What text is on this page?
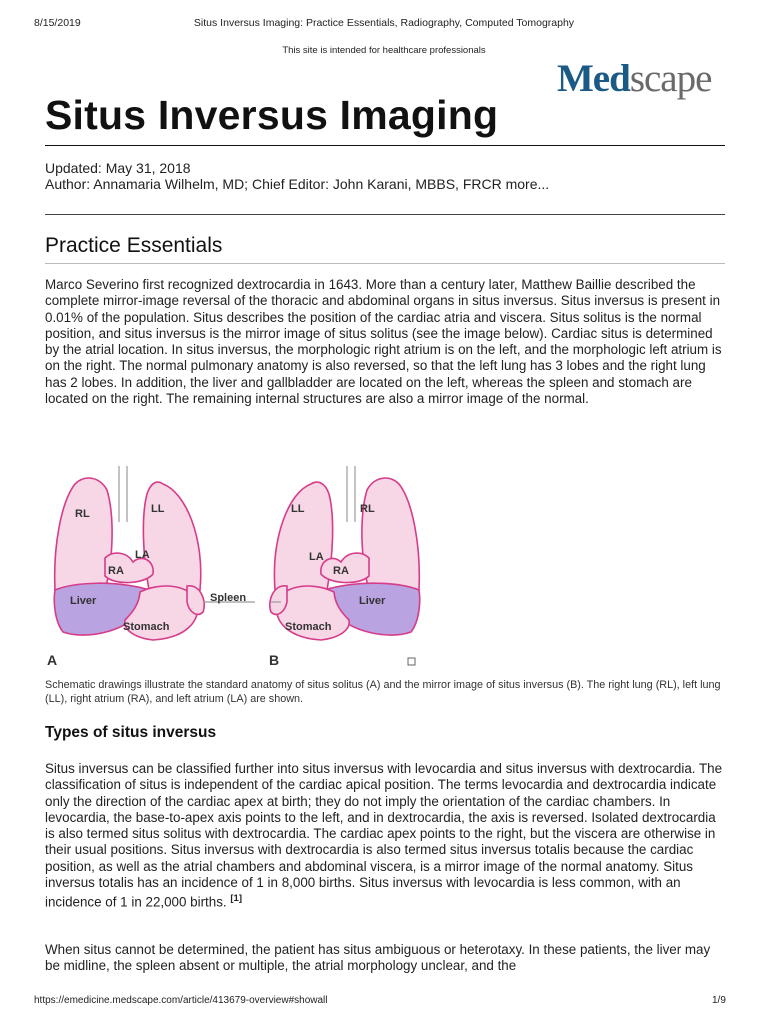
8/15/2019	Situs Inversus Imaging: Practice Essentials, Radiography, Computed Tomography
This site is intended for healthcare professionals
Medscape
Situs Inversus Imaging
Updated: May 31, 2018
Author: Annamaria Wilhelm, MD; Chief Editor: John Karani, MBBS, FRCR more...
Practice Essentials

Marco Severino first recognized dextrocardia in 1643. More than a century later, Matthew Baillie described the complete mirror-image reversal of the thoracic and abdominal organs in situs inversus. Situs inversus is present in 0.01% of the population. Situs describes the position of the cardiac atria and viscera. Situs solitus is the normal position, and situs inversus is the mirror image of situs solitus (see the image below). Cardiac situs is determined by the atrial location. In situs inversus, the morphologic right atrium is on the left, and the morphologic left atrium is on the right. The normal pulmonary anatomy is also reversed, so that the left lung has 3 lobes and the right lung has 2 lobes. In addition, the liver and gallbladder are located on the left, whereas the spleen and stomach are located on the right. The remaining internal structures are also a mirror image of the normal.

RL	LL
LA
RA
Liver
Stomach
Spleen
LL	RL
LA
RA
Liver
Stomach
A	B

Schematic drawings illustrate the standard anatomy of situs solitus (A) and the mirror image of situs inversus (B). The right lung (RL), left lung (LL), right atrium (RA), and left atrium (LA) are shown.

Types of situs inversus

Situs inversus can be classified further into situs inversus with levocardia and situs inversus with dextrocardia. The classification of situs is independent of the cardiac apical position. The terms levocardia and dextrocardia indicate only the direction of the cardiac apex at birth; they do not imply the orientation of the cardiac chambers. In levocardia, the base-to-apex axis points to the left, and in dextrocardia, the axis is reversed. Isolated dextrocardia is also termed situs solitus with dextrocardia. The cardiac apex points to the right, but the viscera are otherwise in their usual positions. Situs inversus with dextrocardia is also termed situs inversus totalis because the cardiac position, as well as the atrial chambers and abdominal viscera, is a mirror image of the normal anatomy. Situs inversus totalis has an incidence of 1 in 8,000 births. Situs inversus with levocardia is less common, with an incidence of 1 in 22,000 births. [1]

When situs cannot be determined, the patient has situs ambiguous or heterotaxy. In these patients, the liver may be midline, the spleen absent or multiple, the atrial morphology unclear, and the

https://emedicine.medscape.com/article/413679-overview#showall	1/9
